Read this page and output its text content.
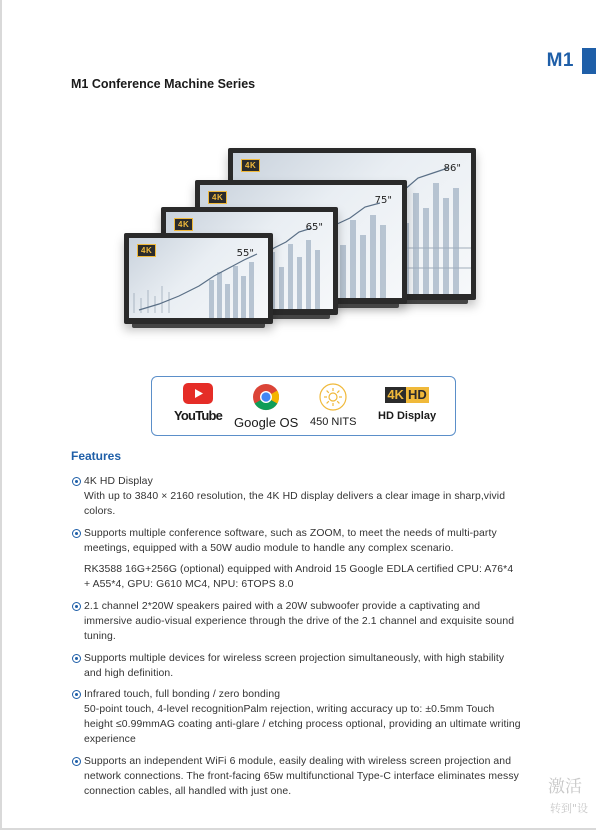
M1
M1 Conference Machine Series
4K	86"
4K	75"
4K	65"
4K	55"
YouTube Google OS 450 NITS
4K HD
HD Display
Features

4K HD Display

With up to 3840 × 2160 resolution, the 4K HD display delivers a clear image in sharp,vivid colors.

Supports multiple conference software, such as ZOOM, to meet the needs of multi-party meetings, equipped with a 50W audio module to handle any complex scenario.

RK3588 16G+256G (optional) equipped with Android 15 Google EDLA certified CPU: A76*4 + A55*4, GPU: G610 MC4, NPU: 6TOPS 8.0

2.1 channel 2*20W speakers paired with a 20W subwoofer provide a captivating and immersive audio-visual experience through the drive of the 2.1 channel and exquisite sound tuning.

Supports multiple devices for wireless screen projection simultaneously, with high stability and high definition.

Infrared touch, full bonding / zero bonding

50-point touch, 4-level recognitionPalm rejection, writing accuracy up to: ±0.5mm Touch height ≤0.99mmAG coating anti-glare / etching process optional, providing an ultimate writing experience

Supports an independent WiFi 6 module, easily dealing with wireless screen projection and network connections. The front-facing 65w multifunctional Type-C interface eliminates messy connection cables, all handled with just one.	激活
转到"设
